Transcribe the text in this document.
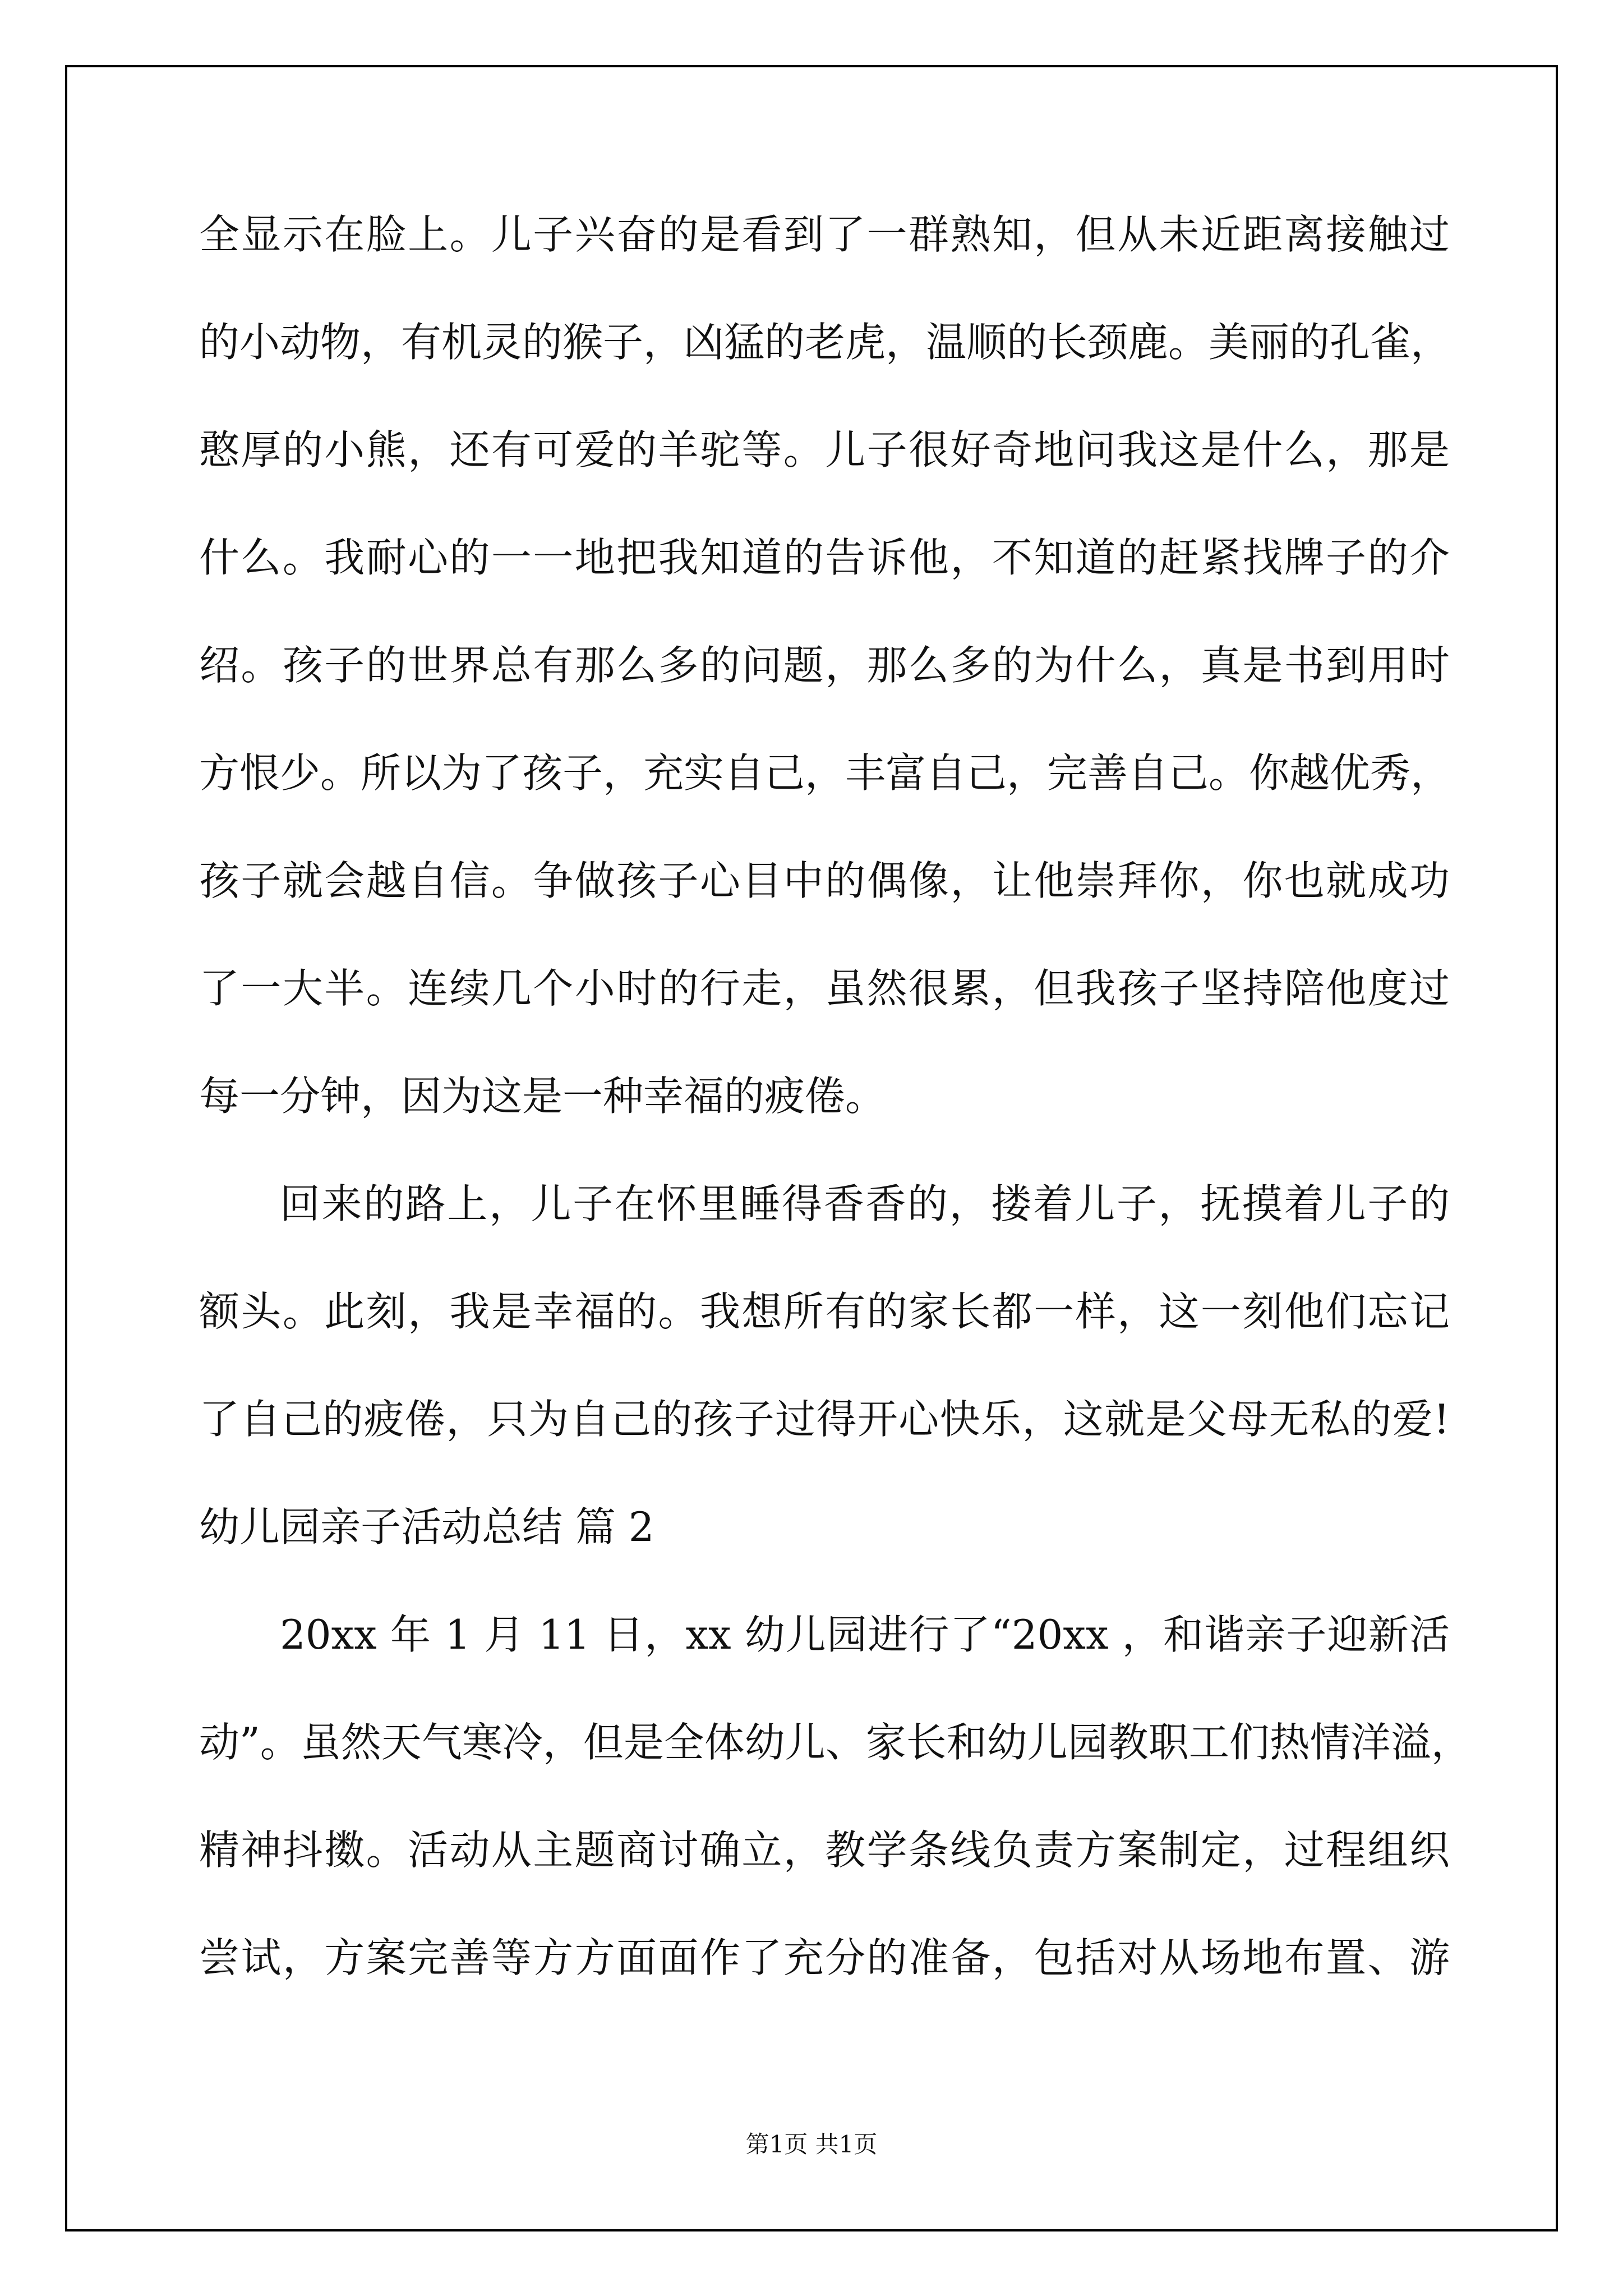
全显示在脸上。儿子兴奋的是看到了一群熟知，但从未近距离接触过
的小动物，有机灵的猴子，凶猛的老虎，温顺的长颈鹿。美丽的孔雀，
憨厚的小熊，还有可爱的羊驼等。儿子很好奇地问我这是什么，那是
什么。我耐心的一一地把我知道的告诉他，不知道的赶紧找牌子的介
绍。孩子的世界总有那么多的问题，那么多的为什么，真是书到用时
方恨少。所以为了孩子，充实自己，丰富自己，完善自己。你越优秀，
孩子就会越自信。争做孩子心目中的偶像，让他崇拜你，你也就成功
了一大半。连续几个小时的行走，虽然很累，但我孩子坚持陪他度过
每一分钟，因为这是一种幸福的疲倦。
回来的路上，儿子在怀里睡得香香的，搂着儿子，抚摸着儿子的
额头。此刻，我是幸福的。我想所有的家长都一样，这一刻他们忘记
了自己的疲倦，只为自己的孩子过得开心快乐，这就是父母无私的爱!
幼儿园亲子活动总结 篇 2
20xx 年 1 月 11 日，xx 幼儿园进行了“20xx ，和谐亲子迎新活
动”。虽然天气寒冷，但是全体幼儿、家长和幼儿园教职工们热情洋溢，
精神抖擞。活动从主题商讨确立，教学条线负责方案制定，过程组织
尝试，方案完善等方方面面作了充分的准备，包括对从场地布置、游
第1页 共1页
